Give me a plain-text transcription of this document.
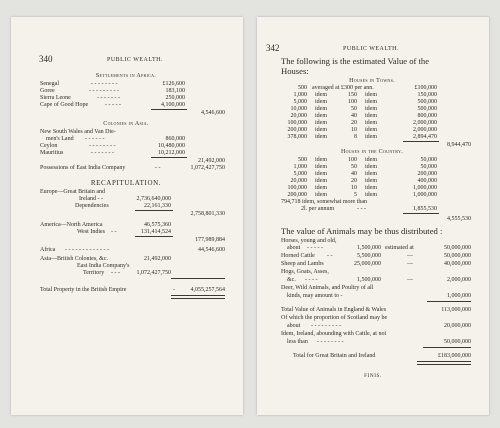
340	PUBLIC WEALTH.
Settlements in Africa.
Senegal	- - - - - - - -	£126,600
Goree	- - - - - - - - -	183,100
Sierra Leone	- - - - - - -	250,000
Cape of Good Hope	- - - - -	4,100,000
4,546,600
Colonies in Asia.
New South Wales and Van Die-
men's Land - - - - - -	860,000
Ceylon	- - - - - - - -	10,480,000
Mauritius	- - - - - - -	10,212,000
21,492,000
Possessions of East India Company	- -	1,072,427,750
RECAPITULATION.
Europe—Great Britain and
Ireland - -	2,736,640,000
Dependencies	22,161,330
2,758,801,330
America—North America	46,575,360
West Indies - -	131,414,524
177,989,884
Africa - - - - - - - - - - - - -	44,546,600
Asia—British Colonies, &c.	21,492,000
East India Company's
Territory - - -	1,072,427,750
Total Property in the British Empire	-	4,055,257,564
342	PUBLIC WEALTH.
The following is the estimated Value of the
Houses:
Houses in Towns.
500 averaged at £300 per ann.	£100,000
1,000 idem	150 idem	150,000
5,000 idem	100 idem	500,000
10,000 idem	50 idem	500,000
20,000 idem	40 idem	800,000
100,000 idem	20 idem	2,000,000
200,000 idem	10 idem	2,000,000
378,000 idem	8 idem	2,894,470
8,944,470
Houses in the Country.
500 idem	100 idem	50,000
1,000 idem	50 idem	50,000
5,000 idem	40 idem	200,000
20,000 idem	20 idem	400,000
100,000 idem	10 idem	1,000,000
200,000 idem	5 idem	1,000,000
794,718 idem, somewhat more than
2l. per annum	- - -	1,855,530
4,555,530
The value of Animals may be thus distributed :
Horses, young and old,
about - - - - -	1,500,000 estimated at	50,000,000
Horned Cattle - -	5,500,000	—	50,000,000
Sheep and Lambs	25,000,000	—	40,000,000
Hogs, Goats, Asses,
&c. - - - -	1,500,000	—	2,000,000
Deer, Wild Animals, and Poultry of all
kinds, may amount to -	1,000,000
Total Value of Animals in England & Wales	113,000,000
Of which the proportion of Scotland may be
about - - - - - - - - -	20,000,000
Idem, Ireland, abounding with Cattle, at not
less than - - - - - - - -	50,000,000
Total for Great Britain and Ireland	£183,000,000
FINIS.
